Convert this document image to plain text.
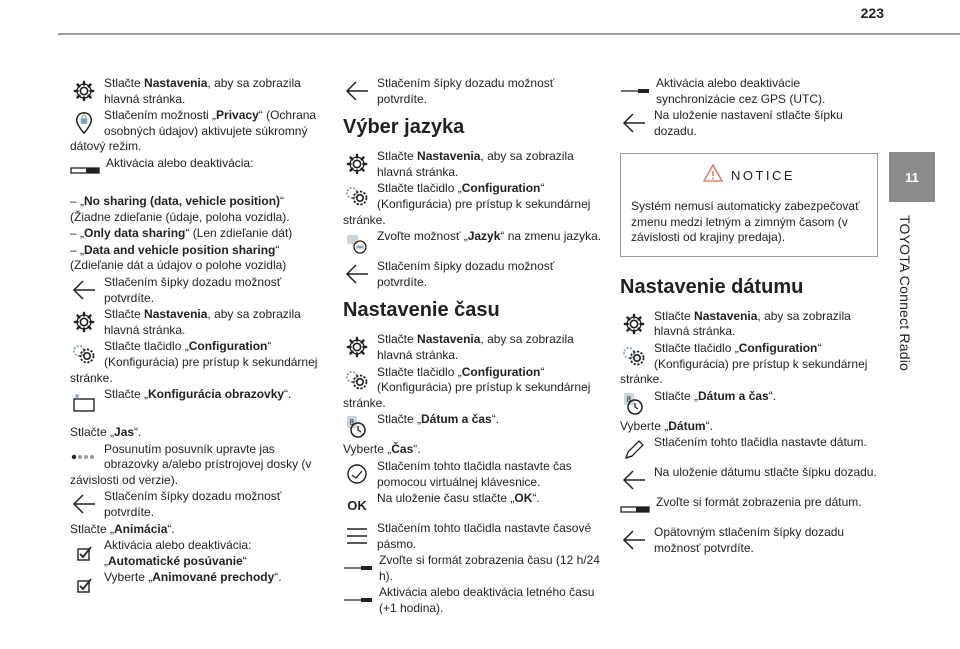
223
11
TOYOTA Connect Radio
Stlačte Nastavenia, aby sa zobrazila hlavná stránka.
Stlačením možnosti „Privacy“ (Ochrana osobných údajov) aktivujete súkromný dátový režim.
Aktivácia alebo deaktivácia:
– „No sharing (data, vehicle position)“ (Žiadne zdieľanie (údaje, poloha vozidla).
– „Only data sharing“ (Len zdieľanie dát)
– „Data and vehicle position sharing“ (Zdieľanie dát a údajov o polohe vozidla)
Stlačením šípky dozadu možnosť potvrdíte.
Stlačte Nastavenia, aby sa zobrazila hlavná stránka.
Stlačte tlačidlo „Configuration“ (Konfigurácia) pre prístup k sekundárnej stránke.
Stlačte „Konfigurácia obrazovky“.
Stlačte „Jas“.
Posunutím posuvník upravte jas obrazovky a/alebo prístrojovej dosky (v závislosti od verzie).
Stlačením šípky dozadu možnosť potvrdíte.
Stlačte „Animácia“.
Aktivácia alebo deaktivácia: „Automatické posúvanie“
Vyberte „Animované prechody“.
Stlačením šípky dozadu možnosť potvrdíte.
Výber jazyka
Stlačte Nastavenia, aby sa zobrazila hlavná stránka.
Stlačte tlačidlo „Configuration“ (Konfigurácia) pre prístup k sekundárnej stránke.
Zvoľte možnosť „Jazyk“ na zmenu jazyka.
Stlačením šípky dozadu možnosť potvrdíte.
Nastavenie času
Stlačte Nastavenia, aby sa zobrazila hlavná stránka.
Stlačte tlačidlo „Configuration“ (Konfigurácia) pre prístup k sekundárnej stránke.
8 Stlačte „Dátum a čas“.
Vyberte „Čas“.
Stlačením tohto tlačidla nastavte čas pomocou virtuálnej klávesnice.
OK Na uloženie času stlačte „OK“.
Stlačením tohto tlačidla nastavte časové pásmo.
Zvoľte si formát zobrazenia času (12 h/24 h).
Aktivácia alebo deaktivácia letného času (+1 hodina).
Aktivácia alebo deaktivácie synchronizácie cez GPS (UTC).
Na uloženie nastavení stlačte šípku dozadu.
NOTICE
Systém nemusí automaticky zabezpečovať zmenu medzi letným a zimným časom (v závislosti od krajiny predaja).
Nastavenie dátumu
Stlačte Nastavenia, aby sa zobrazila hlavná stránka.
Stlačte tlačidlo „Configuration“ (Konfigurácia) pre prístup k sekundárnej stránke.
8 Stlačte „Dátum a čas“.
Vyberte „Dátum“.
Stlačením tohto tlačidla nastavte dátum.
Na uloženie dátumu stlačte šípku dozadu.
Zvoľte si formát zobrazenia pre dátum.
Opätovným stlačením šípky dozadu možnosť potvrdíte.
